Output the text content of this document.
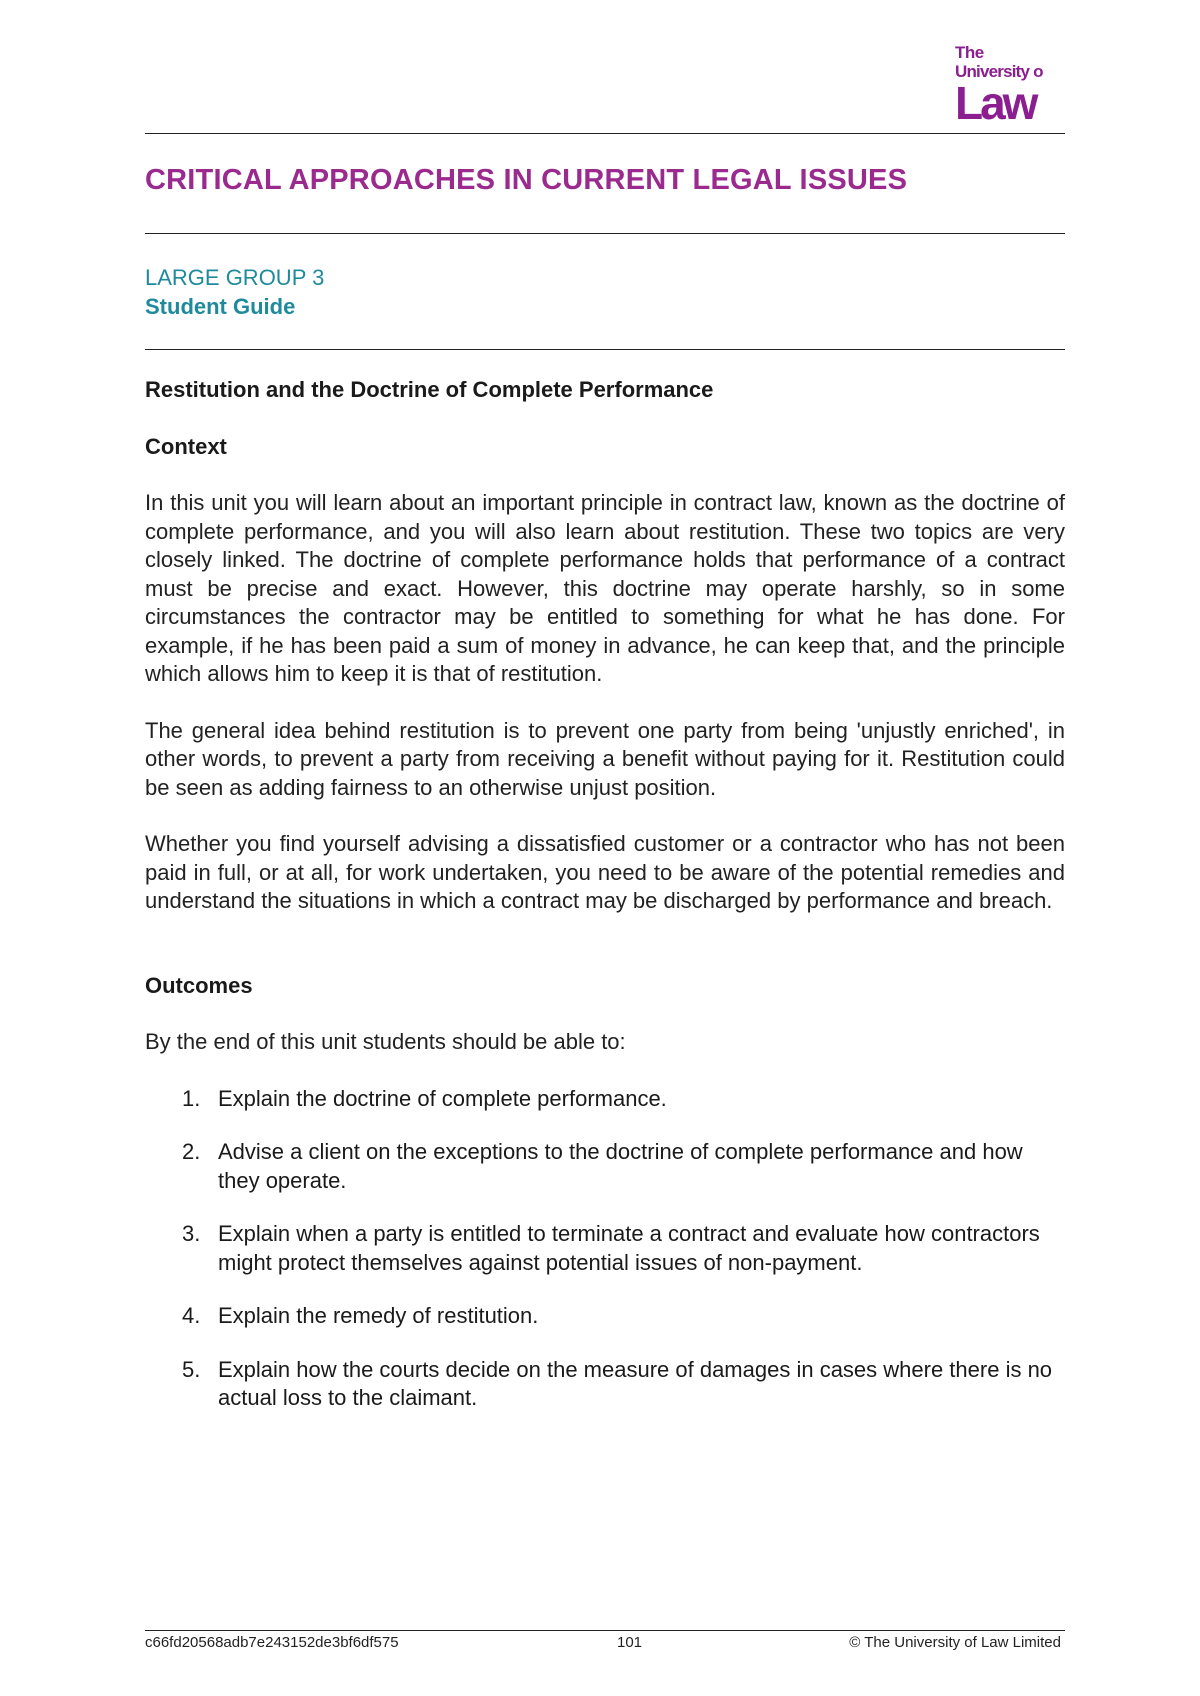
The
University o
Law
CRITICAL APPROACHES IN CURRENT LEGAL ISSUES
LARGE GROUP 3
Student Guide

Restitution and the Doctrine of Complete Performance

Context

In this unit you will learn about an important principle in contract law, known as the doctrine of complete performance, and you will also learn about restitution. These two topics are very closely linked. The doctrine of complete performance holds that performance of a contract must be precise and exact. However, this doctrine may operate harshly, so in some circumstances the contractor may be entitled to something for what he has done. For example, if he has been paid a sum of money in advance, he can keep that, and the principle which allows him to keep it is that of restitution.

The general idea behind restitution is to prevent one party from being 'unjustly enriched', in other words, to prevent a party from receiving a benefit without paying for it. Restitution could be seen as adding fairness to an otherwise unjust position.

Whether you find yourself advising a dissatisfied customer or a contractor who has not been paid in full, or at all, for work undertaken, you need to be aware of the potential remedies and understand the situations in which a contract may be discharged by performance and breach.

Outcomes

By the end of this unit students should be able to:

1. Explain the doctrine of complete performance.
2. Advise a client on the exceptions to the doctrine of complete performance and how they operate.
3. Explain when a party is entitled to terminate a contract and evaluate how contractors might protect themselves against potential issues of non-payment.
4. Explain the remedy of restitution.
5. Explain how the courts decide on the measure of damages in cases where there is no actual loss to the claimant.
c66fd20568adb7e243152de3bf6df575	101	© The University of Law Limited
